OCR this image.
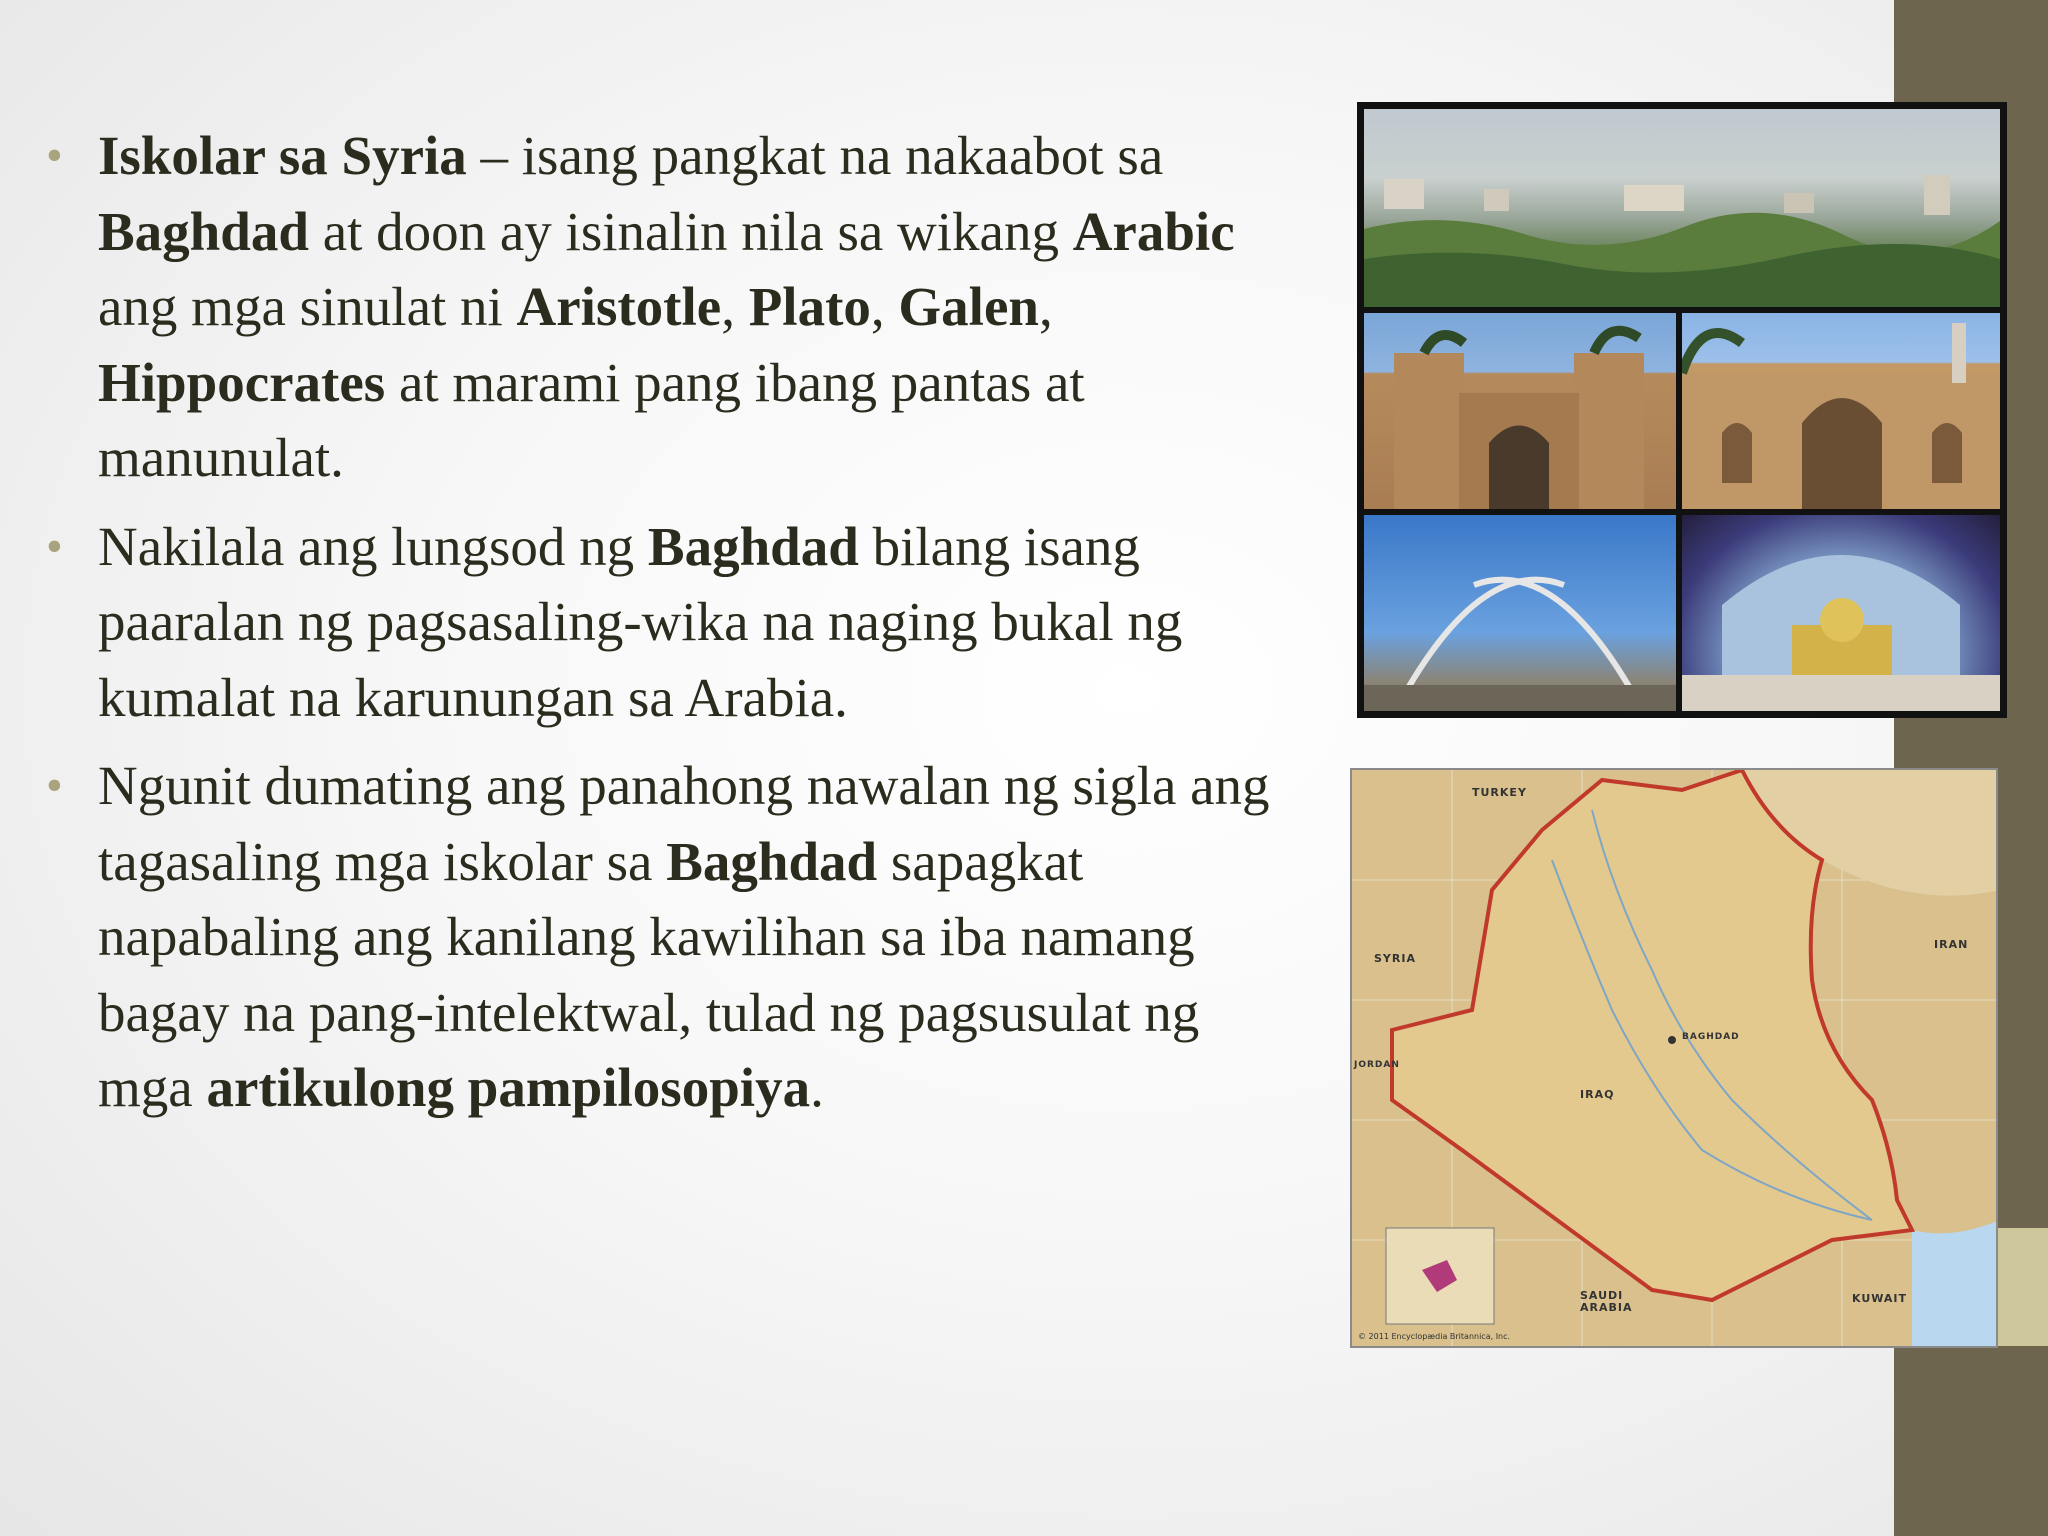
• Iskolar sa Syria – isang pangkat na nakaabot sa Baghdad at doon ay isinalin nila sa wikang Arabic ang mga sinulat ni Aristotle, Plato, Galen, Hippocrates at marami pang ibang pantas at manunulat.
• Nakilala ang lungsod ng Baghdad bilang isang paaralan ng pagsasaling-wika na naging bukal ng kumalat na karunungan sa Arabia.
• Ngunit dumating ang panahong nawalan ng sigla ang tagasaling mga iskolar sa Baghdad sapagkat napabaling ang kanilang kawilihan sa iba namang bagay na pang-intelektwal, tulad ng pagsusulat ng mga artikulong pampilosopiya.
TURKEY
SYRIA
IRAN
IRAQ
JORDAN
SAUDI ARABIA
KUWAIT
BAGHDAD
© 2011 Encyclopædia Britannica, Inc.
